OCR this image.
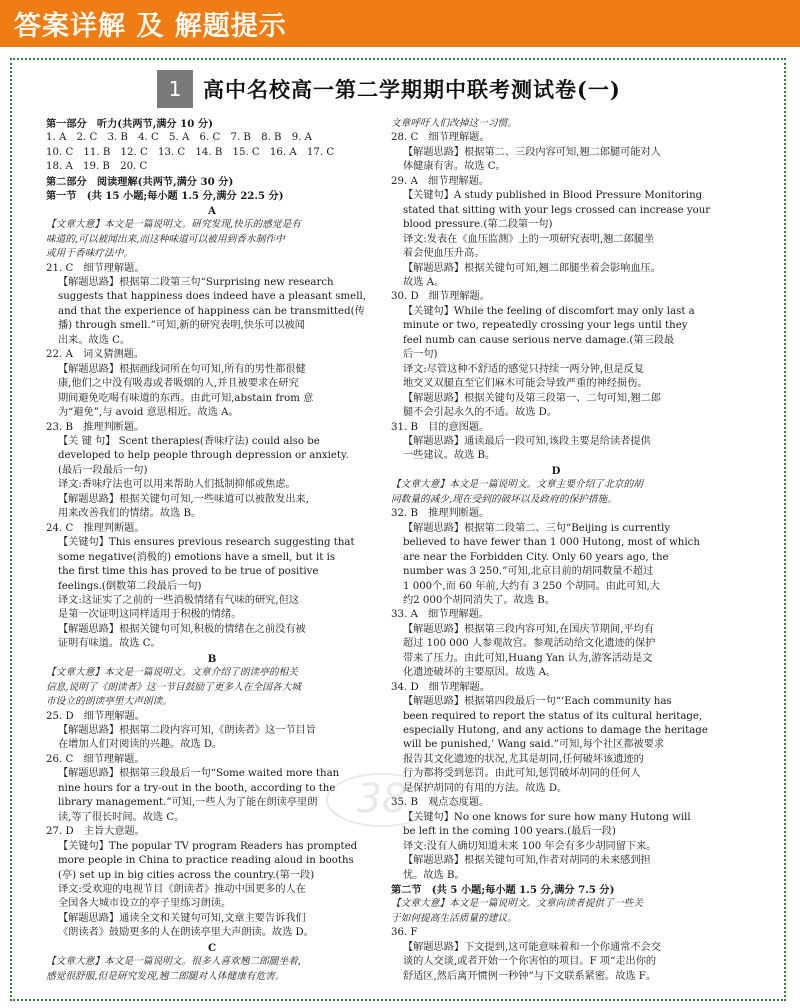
答案详解 及 解题提示
1	高中名校高一第二学期期中联考测试卷(一)
第一部分　听力(共两节,满分 10 分)
1. A　2. C　3. B　4. C　5. A　6. C　7. B　8. B　9. A
10. C　11. B　12. C　13. C　14. B　15. C　16. A　17. C
18. A　19. B　20. C
第二部分　阅读理解(共两节,满分 30 分)
第一节　(共 15 小题;每小题 1.5 分,满分 22.5 分)
A
【文章大意】本文是一篇说明文。研究发现,快乐的感觉是有
味道的,可以被闻出来,而这种味道可以被用到香水制作中
或用于香味疗法中。
21. C　细节理解题。
【解题思路】根据第二段第三句“Surprising new research
suggests that happiness does indeed have a pleasant smell,
and that the experience of happiness can be transmitted(传
播) through smell.”可知,新的研究表明,快乐可以被闻
出来。故选 C。
22. A　词义猜测题。
【解题思路】根据画线词所在句可知,所有的男性都很健
康,他们之中没有吸毒或者吸烟的人,并且被要求在研究
期间避免吃喝有味道的东西。由此可知,abstain from 意
为“避免”,与 avoid 意思相近。故选 A。
23. B　推理判断题。
【关 键 句】 Scent therapies(香味疗法) could also be
developed to help people through depression or anxiety.
(最后一段最后一句)
译文:香味疗法也可以用来帮助人们抵制抑郁或焦虑。
【解题思路】根据关键句可知,一些味道可以被散发出来,
用来改善我们的情绪。故选 B。
24. C　推理判断题。
【关键句】This ensures previous research suggesting that
some negative(消极的) emotions have a smell, but it is
the first time this has proved to be true of positive
feelings.(倒数第二段最后一句)
译文:这证实了之前的一些消极情绪有气味的研究,但这
是第一次证明这同样适用于积极的情绪。
【解题思路】根据关键句可知,积极的情绪在之前没有被
证明有味道。故选 C。
B
【文章大意】本文是一篇说明文。文章介绍了朗读亭的相关
信息,说明了《朗读者》这一节目鼓励了更多人在全国各大城
市设立的朗读亭里大声朗读。
25. D　细节理解题。
【解题思路】根据第二段内容可知,《朗读者》这一节目旨
在增加人们对阅读的兴趣。故选 D。
26. C　细节理解题。
【解题思路】根据第三段最后一句“Some waited more than
nine hours for a try-out in the booth, according to the
library management.”可知,一些人为了能在朗读亭里朗
读,等了很长时间。故选 C。
27. D　主旨大意题。
【关键句】The popular TV program Readers has prompted
more people in China to practice reading aloud in booths
(亭) set up in big cities across the country.(第一段)
译文:受欢迎的电视节目《朗读者》推动中国更多的人在
全国各大城市设立的亭子里练习朗读。
【解题思路】通读全文和关键句可知,文章主要告诉我们
《朗读者》鼓励更多的人在朗读亭里大声朗读。故选 D。
C
【文章大意】本文是一篇说明文。很多人喜欢翘二郎腿坐着,
感觉很舒服,但是研究发现,翘二郎腿对人体健康有危害。
文章呼吁人们改掉这一习惯。
28. C　细节理解题。
【解题思路】根据第二、三段内容可知,翘二郎腿可能对人
体健康有害。故选 C。
29. A　细节理解题。
【关键句】A study published in Blood Pressure Monitoring
stated that sitting with your legs crossed can increase your
blood pressure.(第二段第一句)
译文:发表在《血压监测》上的一项研究表明,翘二郎腿坐
着会使血压升高。
【解题思路】根据关键句可知,翘二郎腿坐着会影响血压。
故选 A。
30. D　细节理解题。
【关键句】While the feeling of discomfort may only last a
minute or two, repeatedly crossing your legs until they
feel numb can cause serious nerve damage.(第三段最
后一句)
译文:尽管这种不舒适的感觉只持续一两分钟,但是反复
地交叉双腿直至它们麻木可能会导致严重的神经损伤。
【解题思路】根据关键句及第三段第一、二句可知,翘二郎
腿不会引起永久的不适。故选 D。
31. B　目的意图题。
【解题思路】通读最后一段可知,该段主要是给读者提供
一些建议。故选 B。
D
【文章大意】本文是一篇说明文。文章主要介绍了北京的胡
同数量的减少,现在受到的破坏以及政府的保护措施。
32. B　推理判断题。
【解题思路】根据第二段第二、三句“Beijing is currently
believed to have fewer than 1 000 Hutong, most of which
are near the Forbidden City. Only 60 years ago, the
number was 3 250.”可知,北京目前的胡同数量不超过
1 000个,而 60 年前,大约有 3 250 个胡同。由此可知,大
约2 000个胡同消失了。故选 B。
33. A　细节理解题。
【解题思路】根据第三段内容可知,在国庆节期间,平均有
超过 100 000 人参观故宫。参观活动给文化遗迹的保护
带来了压力。由此可知,Huang Yan 认为,游客活动是文
化遗迹破坏的主要原因。故选 A。
34. D　细节理解题。
【解题思路】根据第四段最后一句“‘Each community has
been required to report the status of its cultural heritage,
especially Hutong, and any actions to damage the heritage
will be punished,’ Wang said.”可知,每个社区都被要求
报告其文化遗迹的状况,尤其是胡同,任何破坏该遗迹的
行为都将受到惩罚。由此可知,惩罚破坏胡同的任何人
是保护胡同的有用的方法。故选 D。
35. B　观点态度题。
【关键句】No one knows for sure how many Hutong will
be left in the coming 100 years.(最后一段)
译文:没有人确切知道未来 100 年会有多少胡同留下来。
【解题思路】根据关键句可知,作者对胡同的未来感到担
忧。故选 B。
第二节　(共 5 小题;每小题 1.5 分,满分 7.5 分)
【文章大意】本文是一篇说明文。文章向读者提供了一些关
于如何提高生活质量的建议。
36. F
【解题思路】下文提到,这可能意味着和一个你通常不会交
谈的人交谈,或者开始一个你害怕的项目。F 项“走出你的
舒适区,然后离开惯例一秒钟”与下文联系紧密。故选 F。
38
